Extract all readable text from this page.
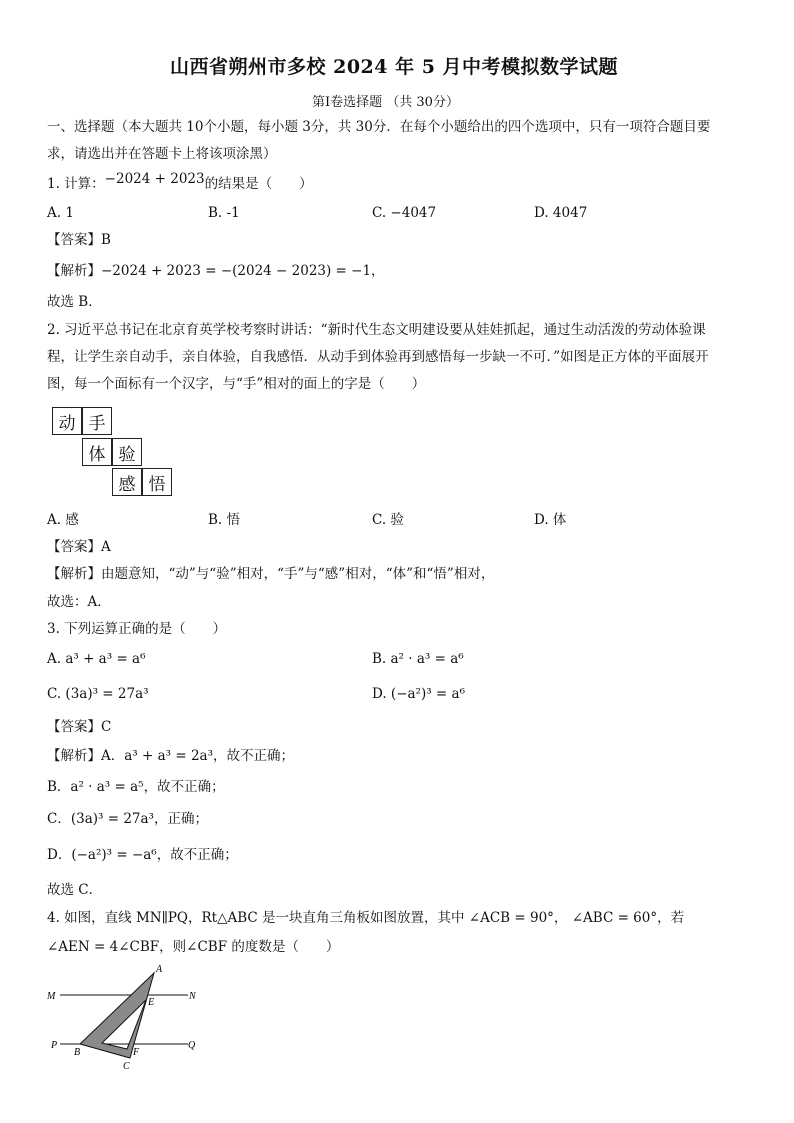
山西省朔州市多校 2024 年 5 月中考模拟数学试题
第Ⅰ卷选择题 （共 30分）
一、选择题（本大题共 10个小题，每小题 3分，共 30分．在每个小题给出的四个选项中，只有一项符合题目要
求，请选出并在答题卡上将该项涂黑）
1. 计算：−2024 + 2023的结果是（　　）
A. 1	B. -1	C. −4047	D. 4047
【答案】B
【解析】−2024 + 2023 = −(2024 − 2023) = −1，
故选 B．
2. 习近平总书记在北京育英学校考察时讲话：“新时代生态文明建设要从娃娃抓起，通过生动活泼的劳动体验课
程，让学生亲自动手，亲自体验，自我感悟．从动手到体验再到感悟每一步缺一不可．”如图是正方体的平面展开
图，每一个面标有一个汉字，与“手”相对的面上的字是（　　）
动 手
体 验
感 悟
A. 感	B. 悟	C. 验	D. 体
【答案】A
【解析】由题意知，“动”与“验”相对，“手”与“感”相对，“体”和“悟”相对，
故选：A．
3. 下列运算正确的是（　　）
A. a³ + a³ = a⁶	B. a² · a³ = a⁶
C. (3a)³ = 27a³	D. (−a²)³ = a⁶
【答案】C
【解析】A．a³ + a³ = 2a³，故不正确；
B．a² · a³ = a⁵，故不正确；
C．(3a)³ = 27a³，正确；
D．(−a²)³ = −a⁶，故不正确；
故选 C．
4. 如图，直线 MN∥PQ，Rt△ABC 是一块直角三角板如图放置，其中 ∠ACB = 90°， ∠ABC = 60°，若
∠AEN = 4∠CBF，则∠CBF 的度数是（　　）
A
M
E
N
P
B	F
Q
C
